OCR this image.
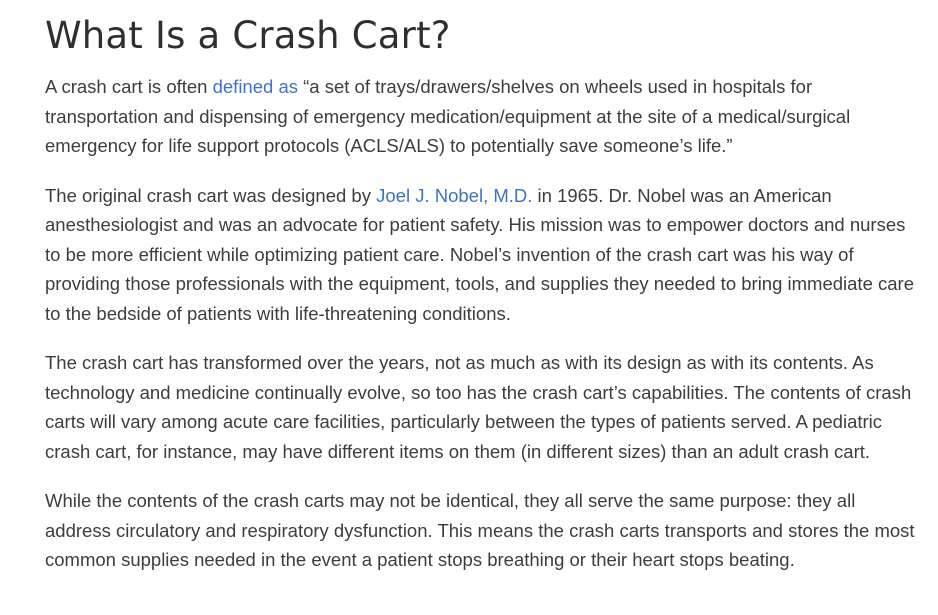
What Is a Crash Cart?

A crash cart is often defined as “a set of trays/drawers/shelves on wheels used in hospitals for transportation and dispensing of emergency medication/equipment at the site of a medical/surgical emergency for life support protocols (ACLS/ALS) to potentially save someone’s life.”

The original crash cart was designed by Joel J. Nobel, M.D. in 1965. Dr. Nobel was an American anesthesiologist and was an advocate for patient safety. His mission was to empower doctors and nurses to be more efficient while optimizing patient care. Nobel’s invention of the crash cart was his way of providing those professionals with the equipment, tools, and supplies they needed to bring immediate care to the bedside of patients with life-threatening conditions.

The crash cart has transformed over the years, not as much as with its design as with its contents. As technology and medicine continually evolve, so too has the crash cart’s capabilities. The contents of crash carts will vary among acute care facilities, particularly between the types of patients served. A pediatric crash cart, for instance, may have different items on them (in different sizes) than an adult crash cart.

While the contents of the crash carts may not be identical, they all serve the same purpose: they all address circulatory and respiratory dysfunction. This means the crash carts transports and stores the most common supplies needed in the event a patient stops breathing or their heart stops beating.
